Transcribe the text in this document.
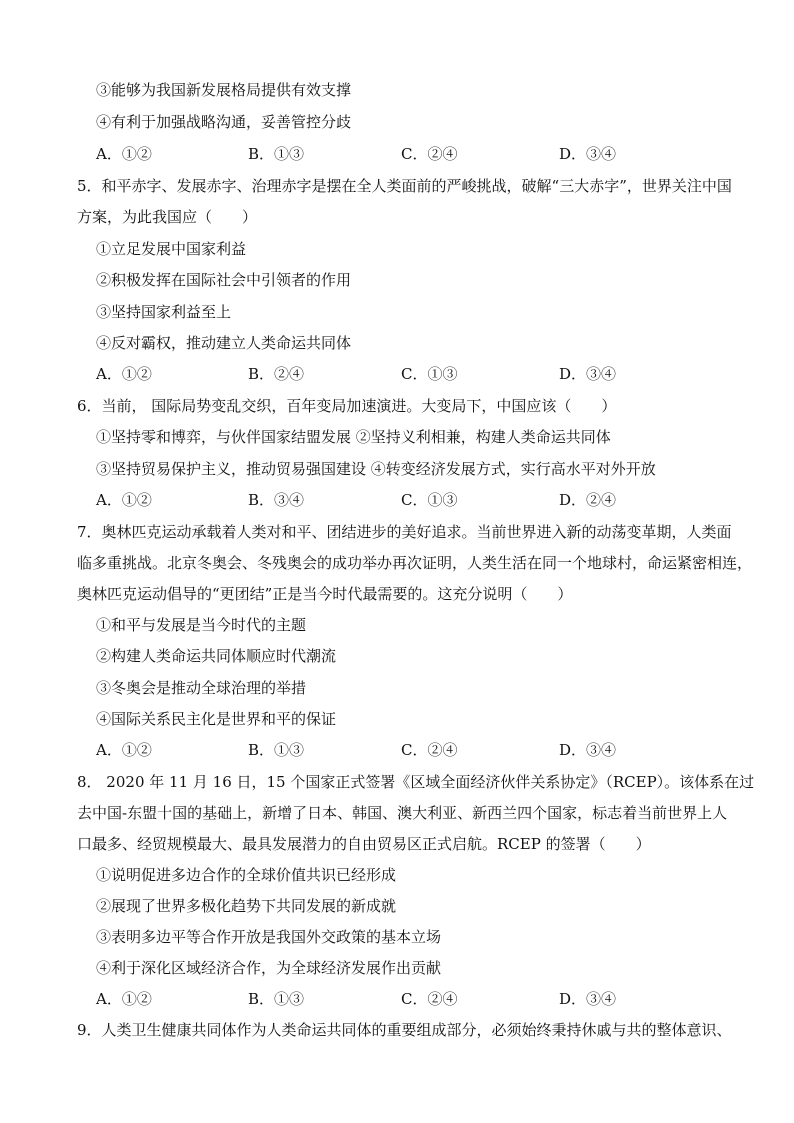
③能够为我国新发展格局提供有效支撑
④有利于加强战略沟通，妥善管控分歧
A．①②	B．①③	C．②④	D．③④
5．和平赤字、发展赤字、治理赤字是摆在全人类面前的严峻挑战，破解“三大赤字”，世界关注中国
方案，为此我国应（　　）
①立足发展中国家利益
②积极发挥在国际社会中引领者的作用
③坚持国家利益至上
④反对霸权，推动建立人类命运共同体
A．①②	B．②④	C．①③	D．③④
6．当前， 国际局势变乱交织，百年变局加速演进。大变局下，中国应该（　　）
①坚持零和博弈，与伙伴国家结盟发展 ②坚持义利相兼，构建人类命运共同体
③坚持贸易保护主义，推动贸易强国建设 ④转变经济发展方式，实行高水平对外开放
A．①②	B．③④	C．①③	D．②④
7．奥林匹克运动承载着人类对和平、团结进步的美好追求。当前世界进入新的动荡变革期，人类面
临多重挑战。北京冬奥会、冬残奥会的成功举办再次证明，人类生活在同一个地球村，命运紧密相连，
奥林匹克运动倡导的“更团结”正是当今时代最需要的。这充分说明（　　）
①和平与发展是当今时代的主题
②构建人类命运共同体顺应时代潮流
③冬奥会是推动全球治理的举措
④国际关系民主化是世界和平的保证
A．①②	B．①③	C．②④	D．③④
8． 2020 年 11 月 16 日，15 个国家正式签署《区域全面经济伙伴关系协定》（RCEP）。该体系在过
去中国-东盟十国的基础上，新增了日本、韩国、澳大利亚、新西兰四个国家，标志着当前世界上人
口最多、经贸规模最大、最具发展潜力的自由贸易区正式启航。RCEP 的签署（　　）
①说明促进多边合作的全球价值共识已经形成
②展现了世界多极化趋势下共同发展的新成就
③表明多边平等合作开放是我国外交政策的基本立场
④利于深化区域经济合作，为全球经济发展作出贡献
A．①②	B．①③	C．②④	D．③④
9．人类卫生健康共同体作为人类命运共同体的重要组成部分，必须始终秉持休戚与共的整体意识、
